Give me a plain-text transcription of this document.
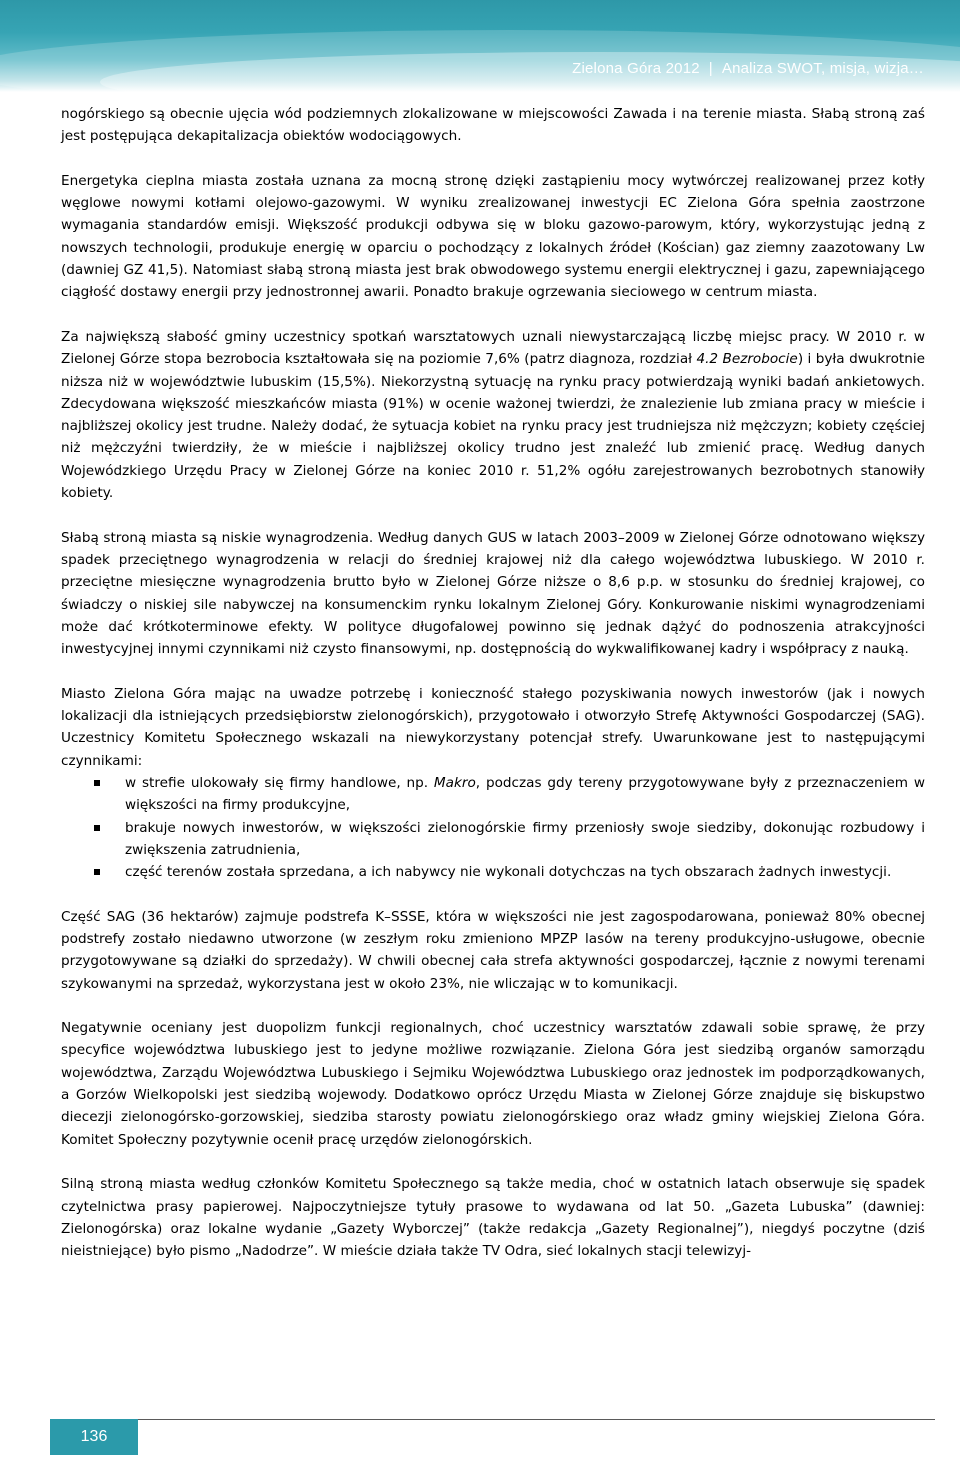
Zielona Góra 2012 | Analiza SWOT, misja, wizja…

nogórskiego są obecnie ujęcia wód podziemnych zlokalizowane w miejscowości Zawada i na terenie miasta. Słabą stroną zaś jest postępująca dekapitalizacja obiektów wodociągowych.

Energetyka cieplna miasta została uznana za mocną stronę dzięki zastąpieniu mocy wytwórczej realizowanej przez kotły węglowe nowymi kotłami olejowo-gazowymi. W wyniku zrealizowanej inwestycji EC Zielona Góra spełnia zaostrzone wymagania standardów emisji. Większość produkcji odbywa się w bloku gazowo-parowym, który, wykorzystując jedną z nowszych technologii, produkuje energię w oparciu o pochodzący z lokalnych źródeł (Kościan) gaz ziemny zaazotowany Lw (dawniej GZ 41,5). Natomiast słabą stroną miasta jest brak obwodowego systemu energii elektrycznej i gazu, zapewniającego ciągłość dostawy energii przy jednostronnej awarii. Ponadto brakuje ogrzewania sieciowego w centrum miasta.

Za największą słabość gminy uczestnicy spotkań warsztatowych uznali niewystarczającą liczbę miejsc pracy. W 2010 r. w Zielonej Górze stopa bezrobocia kształtowała się na poziomie 7,6% (patrz diagnoza, rozdział 4.2 Bezrobocie) i była dwukrotnie niższa niż w województwie lubuskim (15,5%). Niekorzystną sytuację na rynku pracy potwierdzają wyniki badań ankietowych. Zdecydowana większość mieszkańców miasta (91%) w ocenie ważonej twierdzi, że znalezienie lub zmiana pracy w mieście i najbliższej okolicy jest trudne. Należy dodać, że sytuacja kobiet na rynku pracy jest trudniejsza niż mężczyzn; kobiety częściej niż mężczyźni twierdziły, że w mieście i najbliższej okolicy trudno jest znaleźć lub zmienić pracę. Według danych Wojewódzkiego Urzędu Pracy w Zielonej Górze na koniec 2010 r. 51,2% ogółu zarejestrowanych bezrobotnych stanowiły kobiety.

Słabą stroną miasta są niskie wynagrodzenia. Według danych GUS w latach 2003–2009 w Zielonej Górze odnotowano większy spadek przeciętnego wynagrodzenia w relacji do średniej krajowej niż dla całego województwa lubuskiego. W 2010 r. przeciętne miesięczne wynagrodzenia brutto było w Zielonej Górze niższe o 8,6 p.p. w stosunku do średniej krajowej, co świadczy o niskiej sile nabywczej na konsumenckim rynku lokalnym Zielonej Góry. Konkurowanie niskimi wynagrodzeniami może dać krótkoterminowe efekty. W polityce długofalowej powinno się jednak dążyć do podnoszenia atrakcyjności inwestycyjnej innymi czynnikami niż czysto finansowymi, np. dostępnością do wykwalifikowanej kadry i współpracy z nauką.

Miasto Zielona Góra mając na uwadze potrzebę i konieczność stałego pozyskiwania nowych inwestorów (jak i nowych lokalizacji dla istniejących przedsiębiorstw zielonogórskich), przygotowało i otworzyło Strefę Aktywności Gospodarczej (SAG). Uczestnicy Komitetu Społecznego wskazali na niewykorzystany potencjał strefy. Uwarunkowane jest to następującymi czynnikami:

w strefie ulokowały się firmy handlowe, np. Makro, podczas gdy tereny przygotowywane były z przeznaczeniem w większości na firmy produkcyjne,
brakuje nowych inwestorów, w większości zielonogórskie firmy przeniosły swoje siedziby, dokonując rozbudowy i zwiększenia zatrudnienia,
część terenów została sprzedana, a ich nabywcy nie wykonali dotychczas na tych obszarach żadnych inwestycji.

Część SAG (36 hektarów) zajmuje podstrefa K–SSSE, która w większości nie jest zagospodarowana, ponieważ 80% obecnej podstrefy zostało niedawno utworzone (w zeszłym roku zmieniono MPZP lasów na tereny produkcyjno-usługowe, obecnie przygotowywane są działki do sprzedaży). W chwili obecnej cała strefa aktywności gospodarczej, łącznie z nowymi terenami szykowanymi na sprzedaż, wykorzystana jest w około 23%, nie wliczając w to komunikacji.

Negatywnie oceniany jest duopolizm funkcji regionalnych, choć uczestnicy warsztatów zdawali sobie sprawę, że przy specyfice województwa lubuskiego jest to jedyne możliwe rozwiązanie. Zielona Góra jest siedzibą organów samorządu województwa, Zarządu Województwa Lubuskiego i Sejmiku Województwa Lubuskiego oraz jednostek im podporządkowanych, a Gorzów Wielkopolski jest siedzibą wojewody. Dodatkowo oprócz Urzędu Miasta w Zielonej Górze znajduje się biskupstwo diecezji zielonogórsko-gorzowskiej, siedziba starosty powiatu zielonogórskiego oraz władz gminy wiejskiej Zielona Góra. Komitet Społeczny pozytywnie ocenił pracę urzędów zielonogórskich.

Silną stroną miasta według członków Komitetu Społecznego są także media, choć w ostatnich latach obserwuje się spadek czytelnictwa prasy papierowej. Najpoczytniejsze tytuły prasowe to wydawana od lat 50. „Gazeta Lubuska” (dawniej: Zielonogórska) oraz lokalne wydanie „Gazety Wyborczej” (także redakcja „Gazety Regionalnej”), niegdyś poczytne (dziś nieistniejące) było pismo „Nadodrze”. W mieście działa także TV Odra, sieć lokalnych stacji telewizyj-

136
